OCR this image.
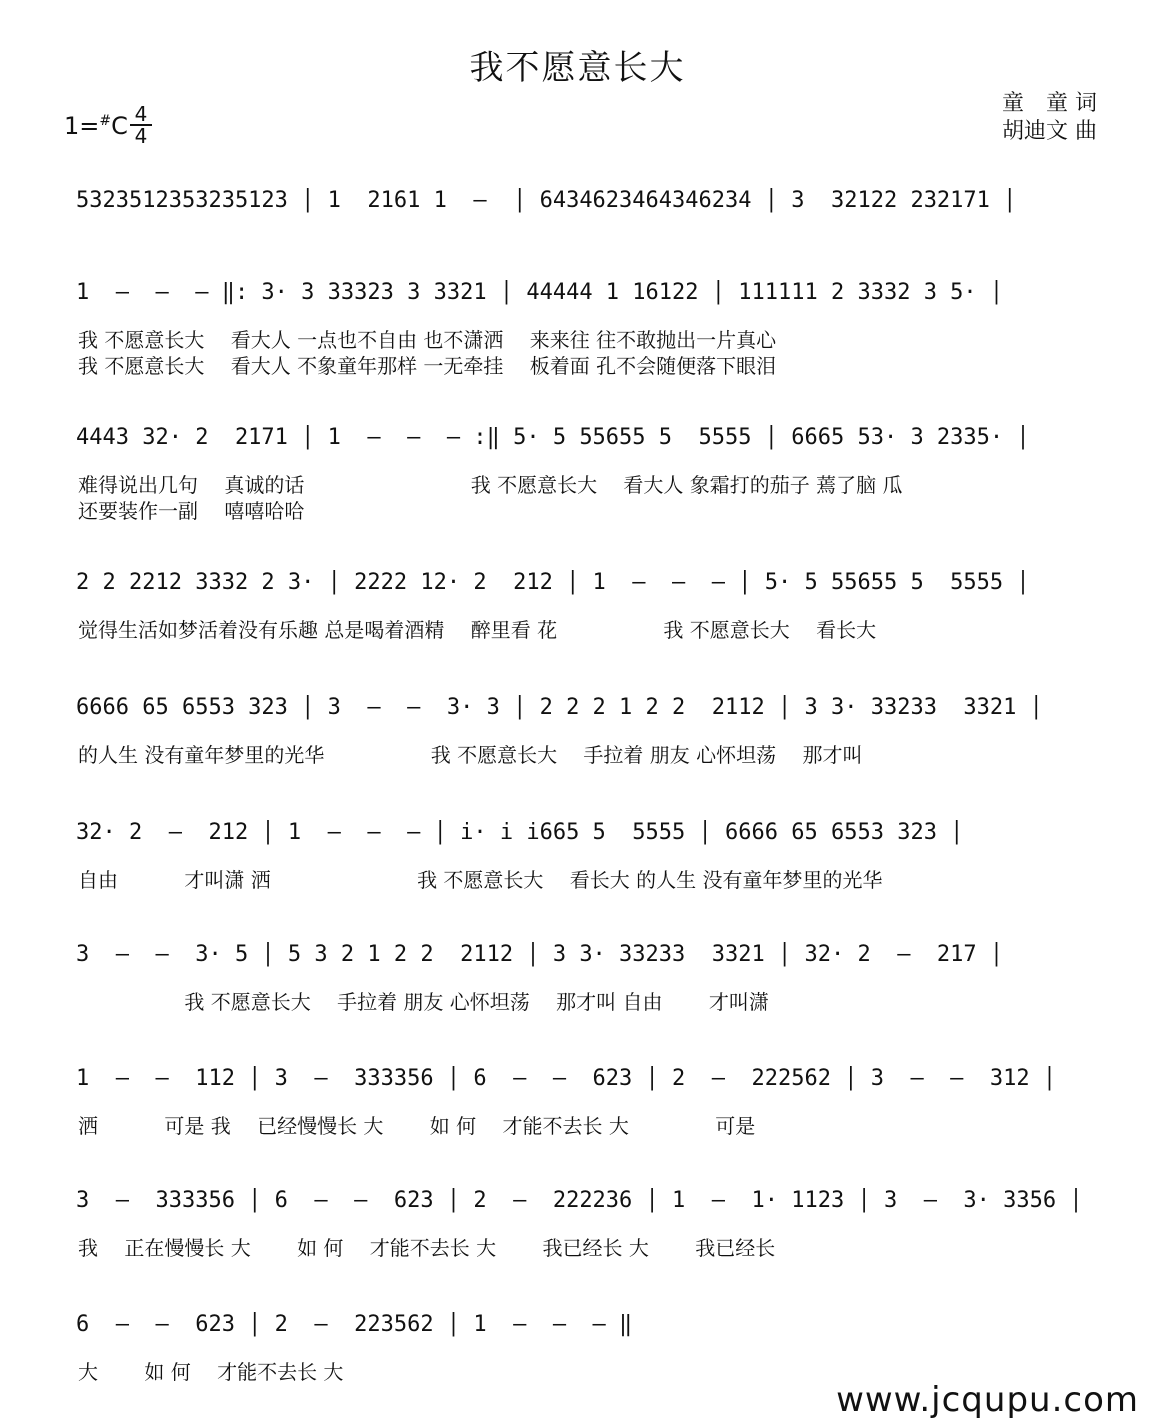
我不愿意长大
1=#C 4
4
童　童 词
胡迪文 曲
5323512353235123 │ 1  2161 1  —  │ 6434623464346234 │ 3  32122 232171 │
1  —  —  — ‖: 3· 3 33323 3 3321 │ 44444 1 16122 │ 111111 2 3332 3 5· │
我 不愿意长大　 看大人 一点也不自由 也不潇洒　 来来往 往不敢抛出一片真心
我 不愿意长大　 看大人 不象童年那样 一无牵挂　 板着面 孔不会随便落下眼泪
4443 32· 2  2171 │ 1  —  —  — :‖ 5· 5 55655 5  5555 │ 6665 53· 3 2335· │
难得说出几句　 真诚的话　　　　　　　　 我 不愿意长大　 看大人 象霜打的茄子 蔫了脑 瓜
还要装作一副　 嘻嘻哈哈
2 2 2212 3332 2 3· │ 2222 12· 2  212 │ 1  —  —  — │ 5· 5 55655 5  5555 │
觉得生活如梦活着没有乐趣 总是喝着酒精　 醉里看 花　　　　　 我 不愿意长大　 看长大
6666 65 6553 323 │ 3  —  —  3· 3 │ 2 2 2 1 2 2  2112 │ 3 3· 33233  3321 │
的人生 没有童年梦里的光华　　　　　 我 不愿意长大　 手拉着 朋友 心怀坦荡　 那才叫
32· 2  —  212 │ 1  —  —  — │ i· i i665 5  5555 │ 6666 65 6553 323 │
自由　　　 才叫潇 洒　　　　　　　 我 不愿意长大　 看长大 的人生 没有童年梦里的光华
3  —  —  3· 5 │ 5 3 2 1 2 2  2112 │ 3 3· 33233  3321 │ 32· 2  —  217 │
　　　　　 我 不愿意长大　 手拉着 朋友 心怀坦荡　 那才叫 自由　　 才叫潇
1  —  —  112 │ 3  —  333356 │ 6  —  —  623 │ 2  —  222562 │ 3  —  —  312 │
洒　　　 可是 我　 已经慢慢长 大　　 如 何　 才能不去长 大　　　　 可是
3  —  333356 │ 6  —  —  623 │ 2  —  222236 │ 1  —  1· 1123 │ 3  —  3· 3356 │
我　 正在慢慢长 大　　 如 何　 才能不去长 大　　 我已经长 大　　 我已经长
6  —  —  623 │ 2  —  223562 │ 1  —  —  — ‖
大　　 如 何　 才能不去长 大
www.jcqupu.com
